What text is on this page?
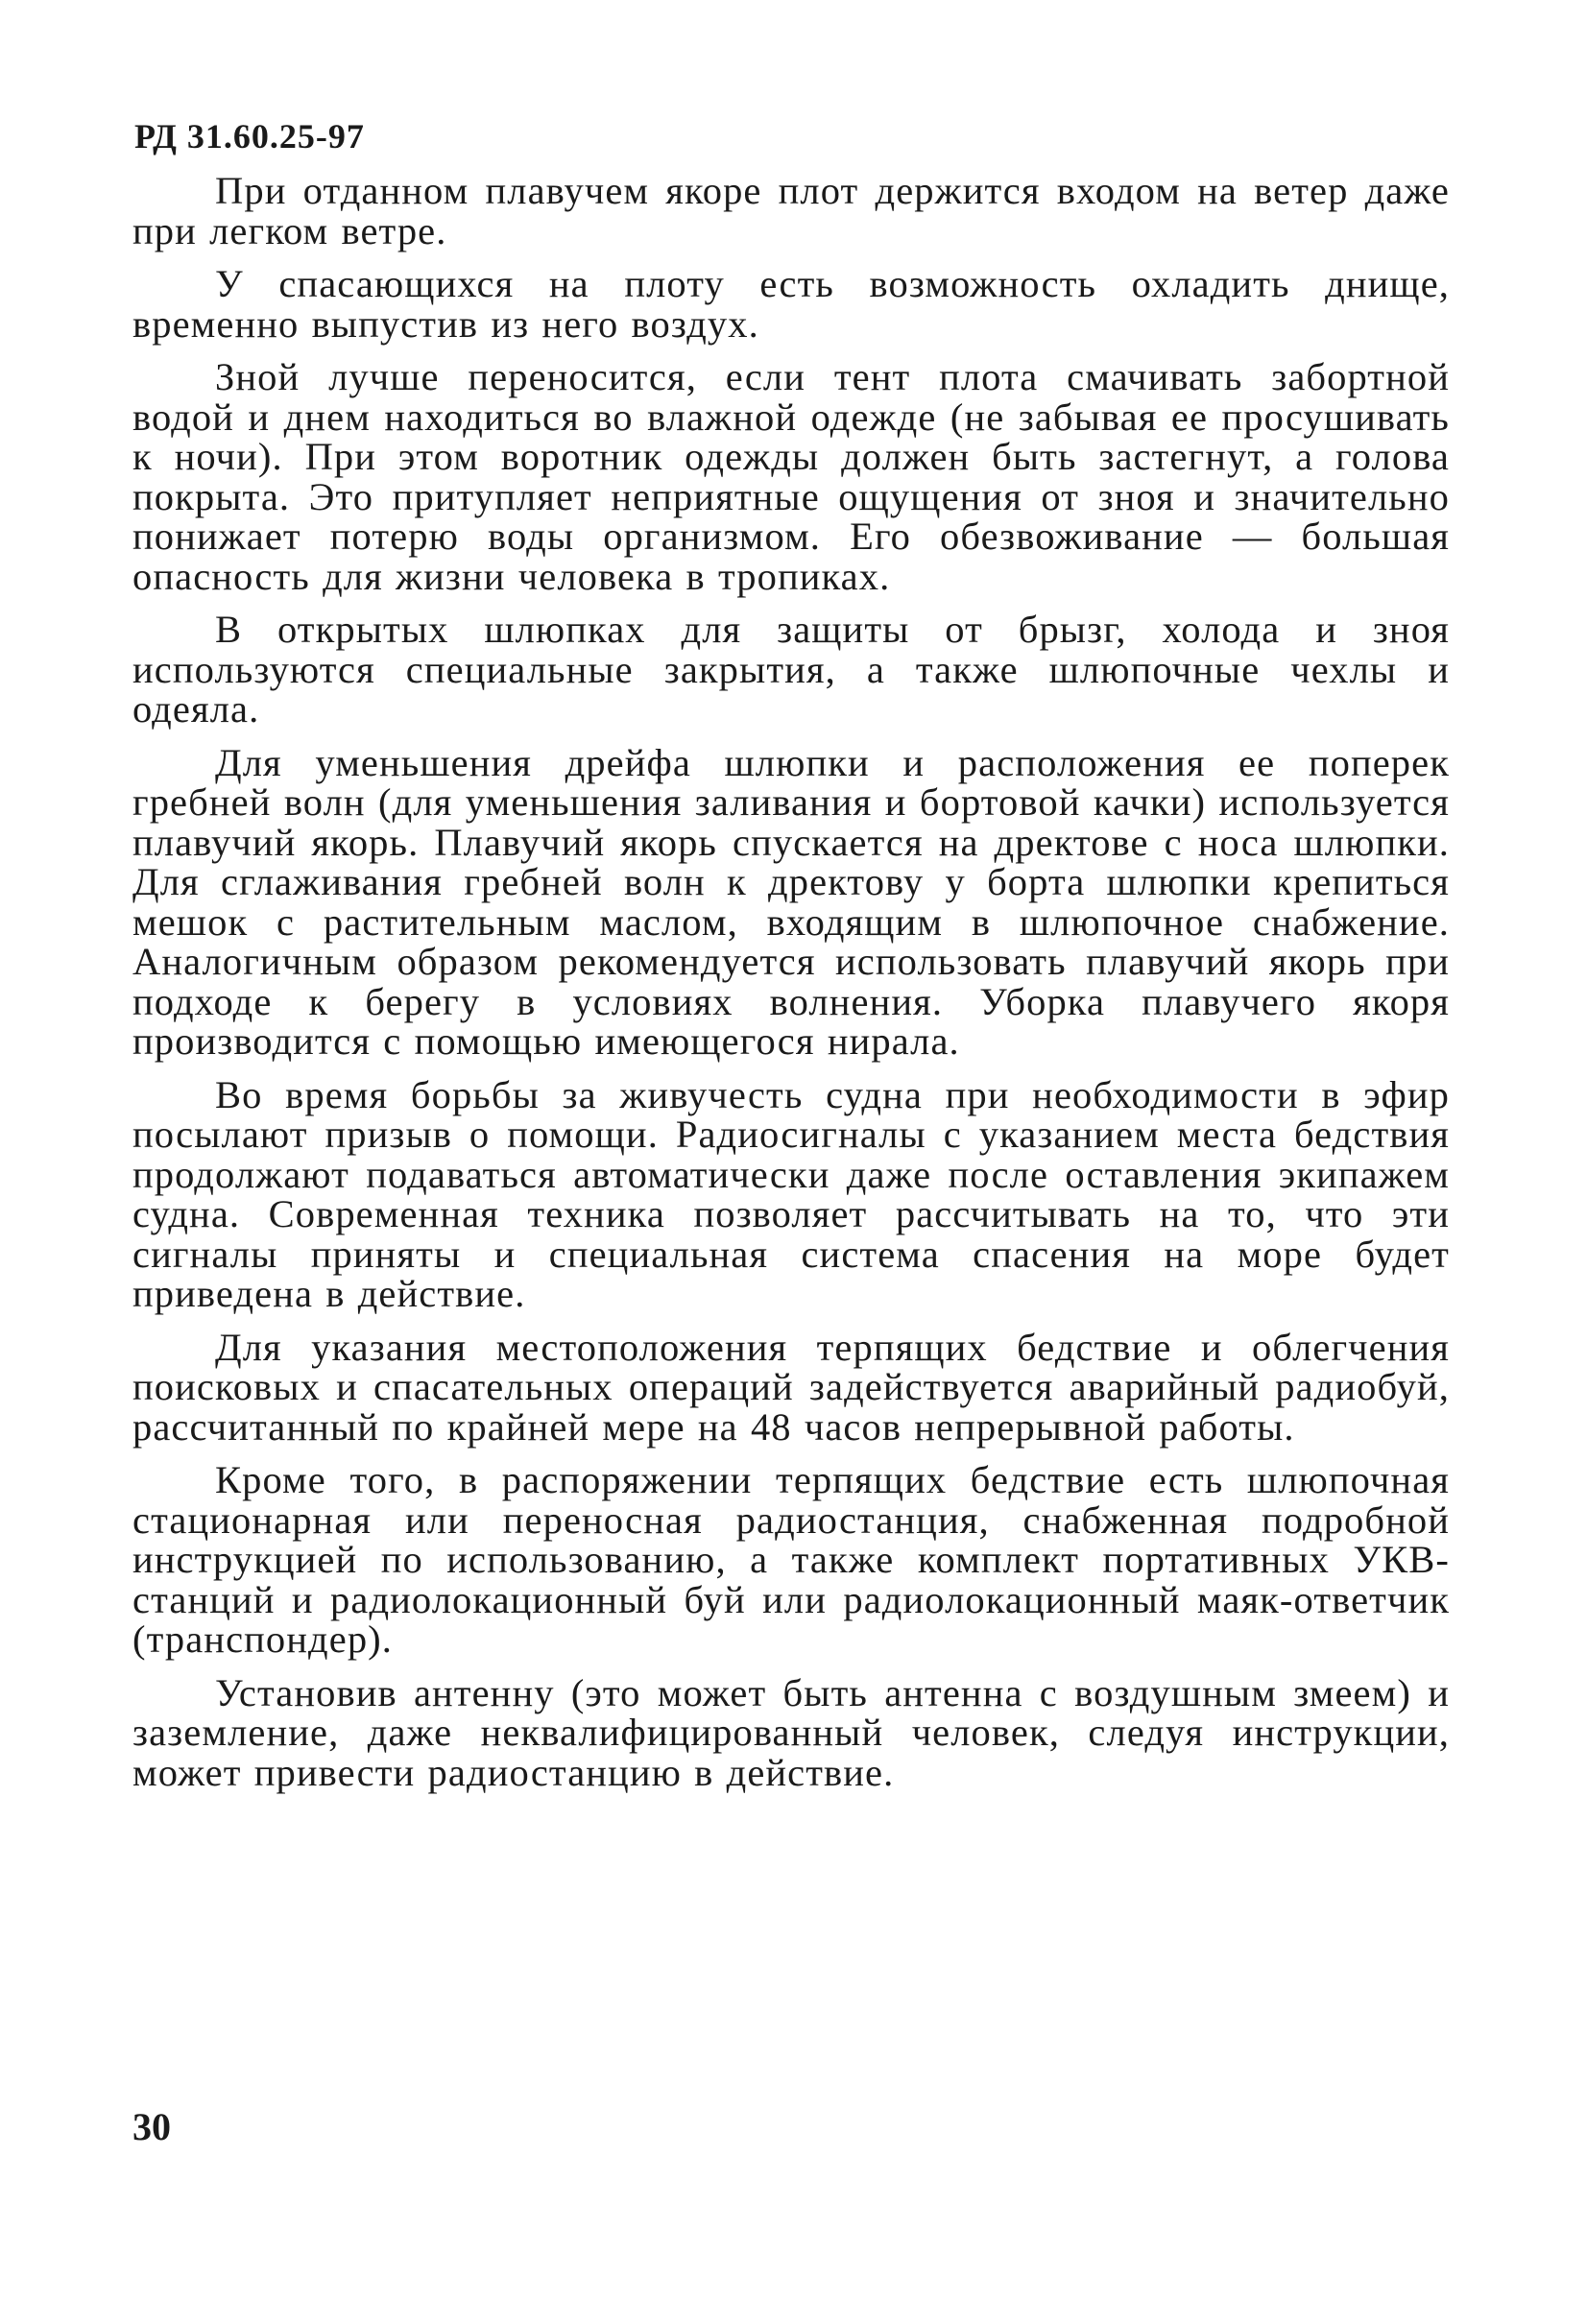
РД 31.60.25-97

При отданном плавучем якоре плот держится входом на ветер даже при легком ветре.

У спасающихся на плоту есть возможность охладить днище, временно выпустив из него воздух.

Зной лучше переносится, если тент плота смачивать забортной водой и днем находиться во влажной одежде (не забывая ее просушивать к ночи). При этом воротник одежды должен быть застегнут, а голова покрыта. Это притупляет неприятные ощущения от зноя и значительно понижает потерю воды организмом. Его обезвоживание — большая опасность для жизни человека в тропиках.

В открытых шлюпках для защиты от брызг, холода и зноя используются специальные закрытия, а также шлюпочные чехлы и одеяла.

Для уменьшения дрейфа шлюпки и расположения ее поперек гребней волн (для уменьшения заливания и бортовой качки) используется плавучий якорь. Плавучий якорь спускается на дректове с носа шлюпки. Для сглаживания гребней волн к дректову у борта шлюпки крепиться мешок с растительным маслом, входящим в шлюпочное снабжение. Аналогичным образом рекомендуется использовать плавучий якорь при подходе к берегу в условиях волнения. Уборка плавучего якоря производится с помощью имеющегося нирала.

Во время борьбы за живучесть судна при необходимости в эфир посылают призыв о помощи. Радиосигналы с указанием места бедствия продолжают подаваться автоматически даже после оставления экипажем судна. Современная техника позволяет рассчитывать на то, что эти сигналы приняты и специальная система спасения на море будет приведена в действие.

Для указания местоположения терпящих бедствие и облегчения поисковых и спасательных операций задействуется аварийный радиобуй, рассчитанный по крайней мере на 48 часов непрерывной работы.

Кроме того, в распоряжении терпящих бедствие есть шлюпочная стационарная или переносная радиостанция, снабженная подробной инструкцией по использованию, а также комплект портативных УКВ-станций и радиолокационный буй или радиолокационный маяк-ответчик (транспондер).

Установив антенну (это может быть антенна с воздушным змеем) и заземление, даже неквалифицированный человек, следуя инструкции, может привести радиостанцию в действие.

30
